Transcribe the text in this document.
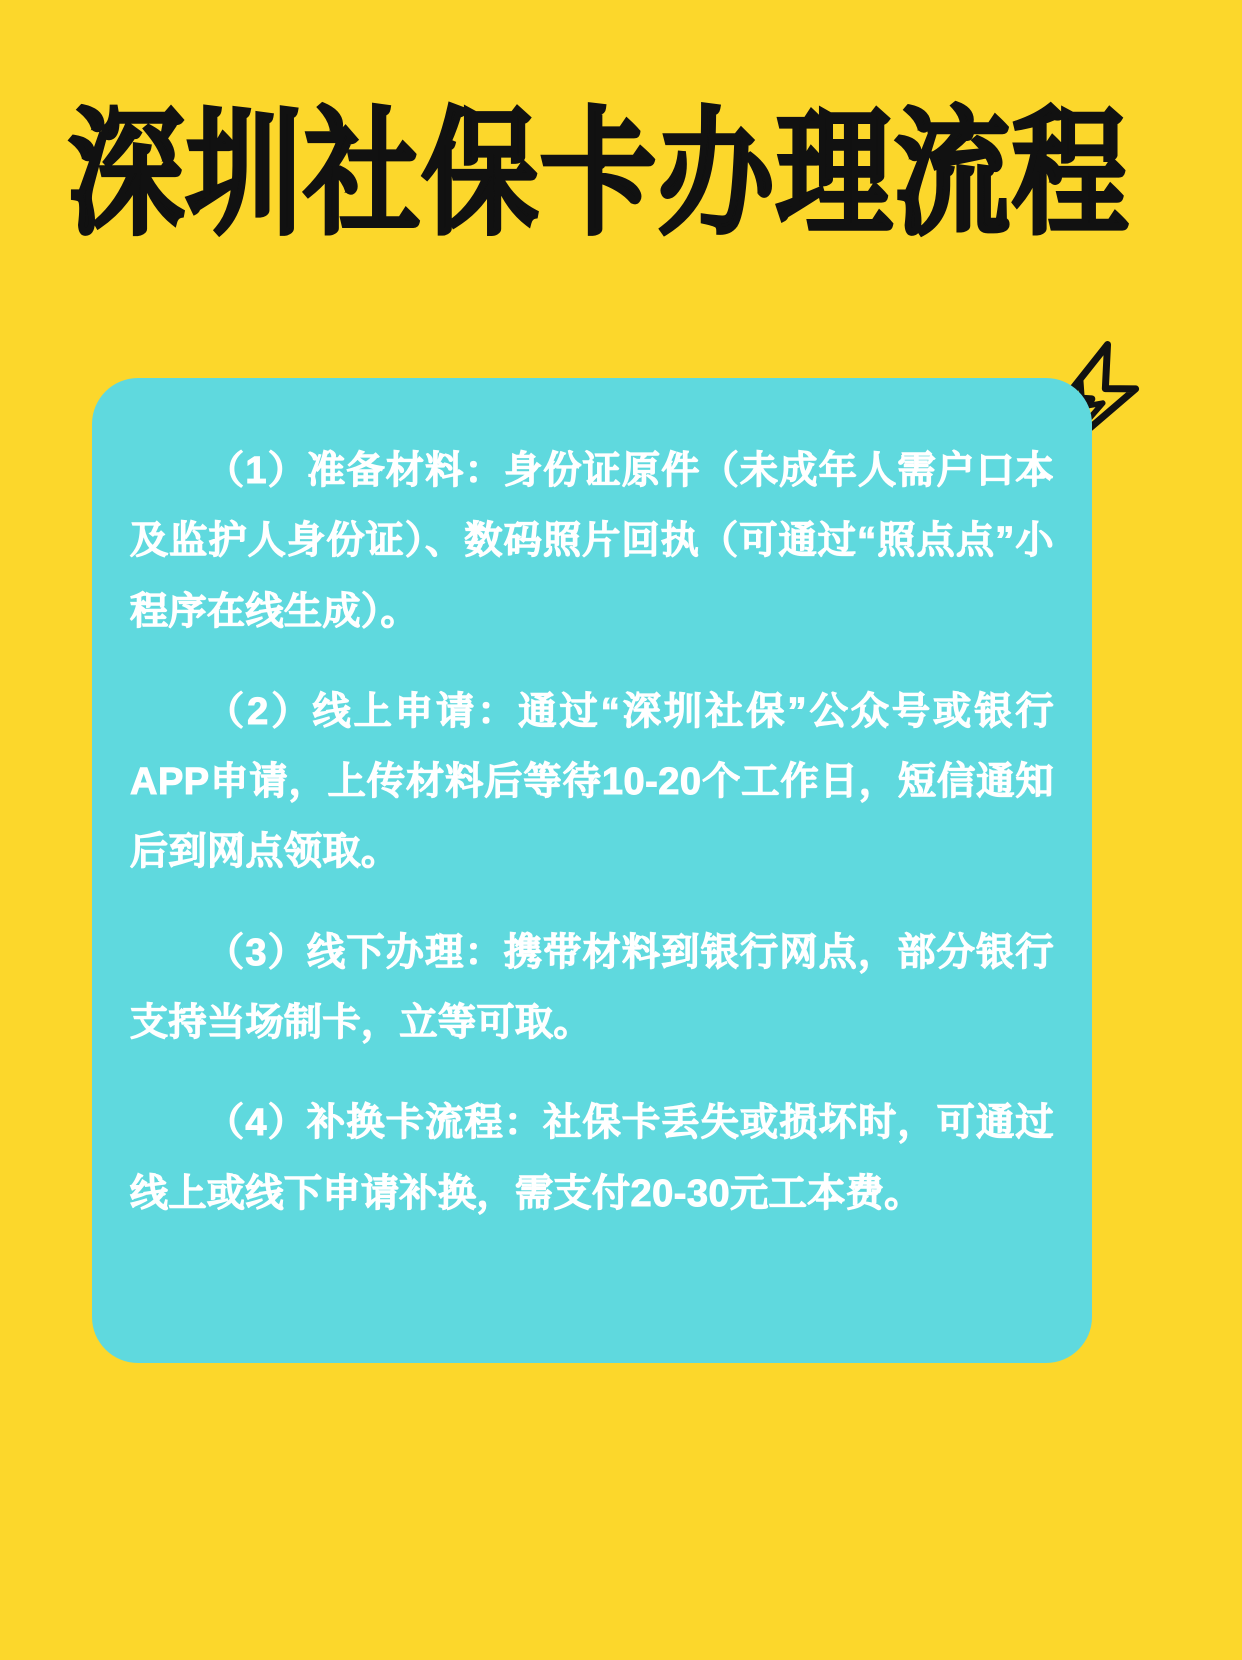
深圳社保卡办理流程

（1）准备材料：身份证原件（未成年人需户口本及监护人身份证）、数码照片回执（可通过“照点点”小程序在线生成）。

（2）线上申请：通过“深圳社保”公众号或银行APP申请，上传材料后等待10-20个工作日，短信通知后到网点领取。

（3）线下办理：携带材料到银行网点，部分银行支持当场制卡，立等可取。

（4）补换卡流程：社保卡丢失或损坏时，可通过线上或线下申请补换，需支付20-30元工本费。
